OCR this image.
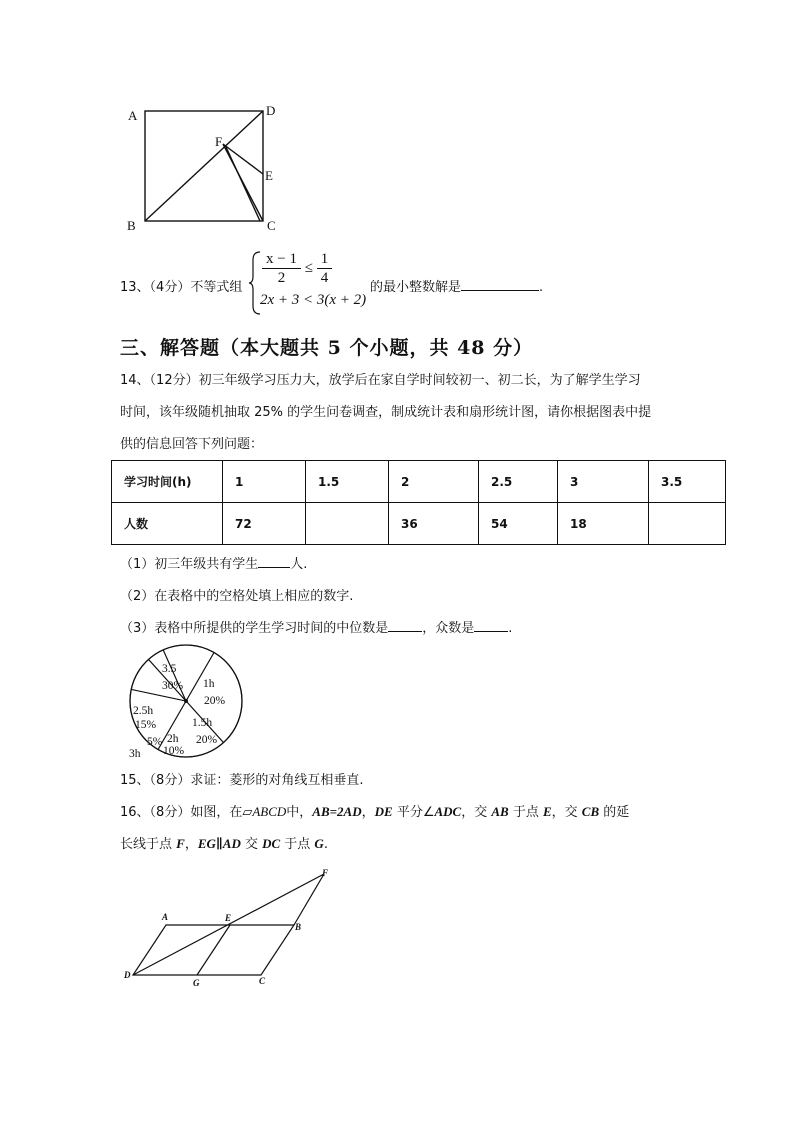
A	D
F
E
B	C
13、（4分）不等式组
$\frac{x - 1}{2} \le \frac{1}{4}$
2x + 3 < 3(x + 2)
的最小整数解是	.
三、解答题（本大题共 5 个小题，共 48 分）
14、（12分）初三年级学习压力大，放学后在家自学时间较初一、初二长，为了解学生学习
时间，该年级随机抽取 25% 的学生问卷调查，制成统计表和扇形统计图，请你根据图表中提
供的信息回答下列问题：
学习时间(h)	1	1.5	2	2.5	3	3.5
人数	72		36	54	18	
（1）初三年级共有学生 人.
（2）在表格中的空格处填上相应的数字.
（3）表格中所提供的学生学习时间的中位数是	，众数是	.
3.5
30% 1h
20%
1.5h
20%
2h
10%
3h
5%
2.5h
15%
15、（8分）求证：菱形的对角线互相垂直.
16、（8分）如图，在▱ABCD中，AB=2AD，DE 平分∠ADC，交 AB 于点 E，交 CB 的延
长线于点 F，EG∥AD 交 DC 于点 G.
A	E
B
F
D
G	C
